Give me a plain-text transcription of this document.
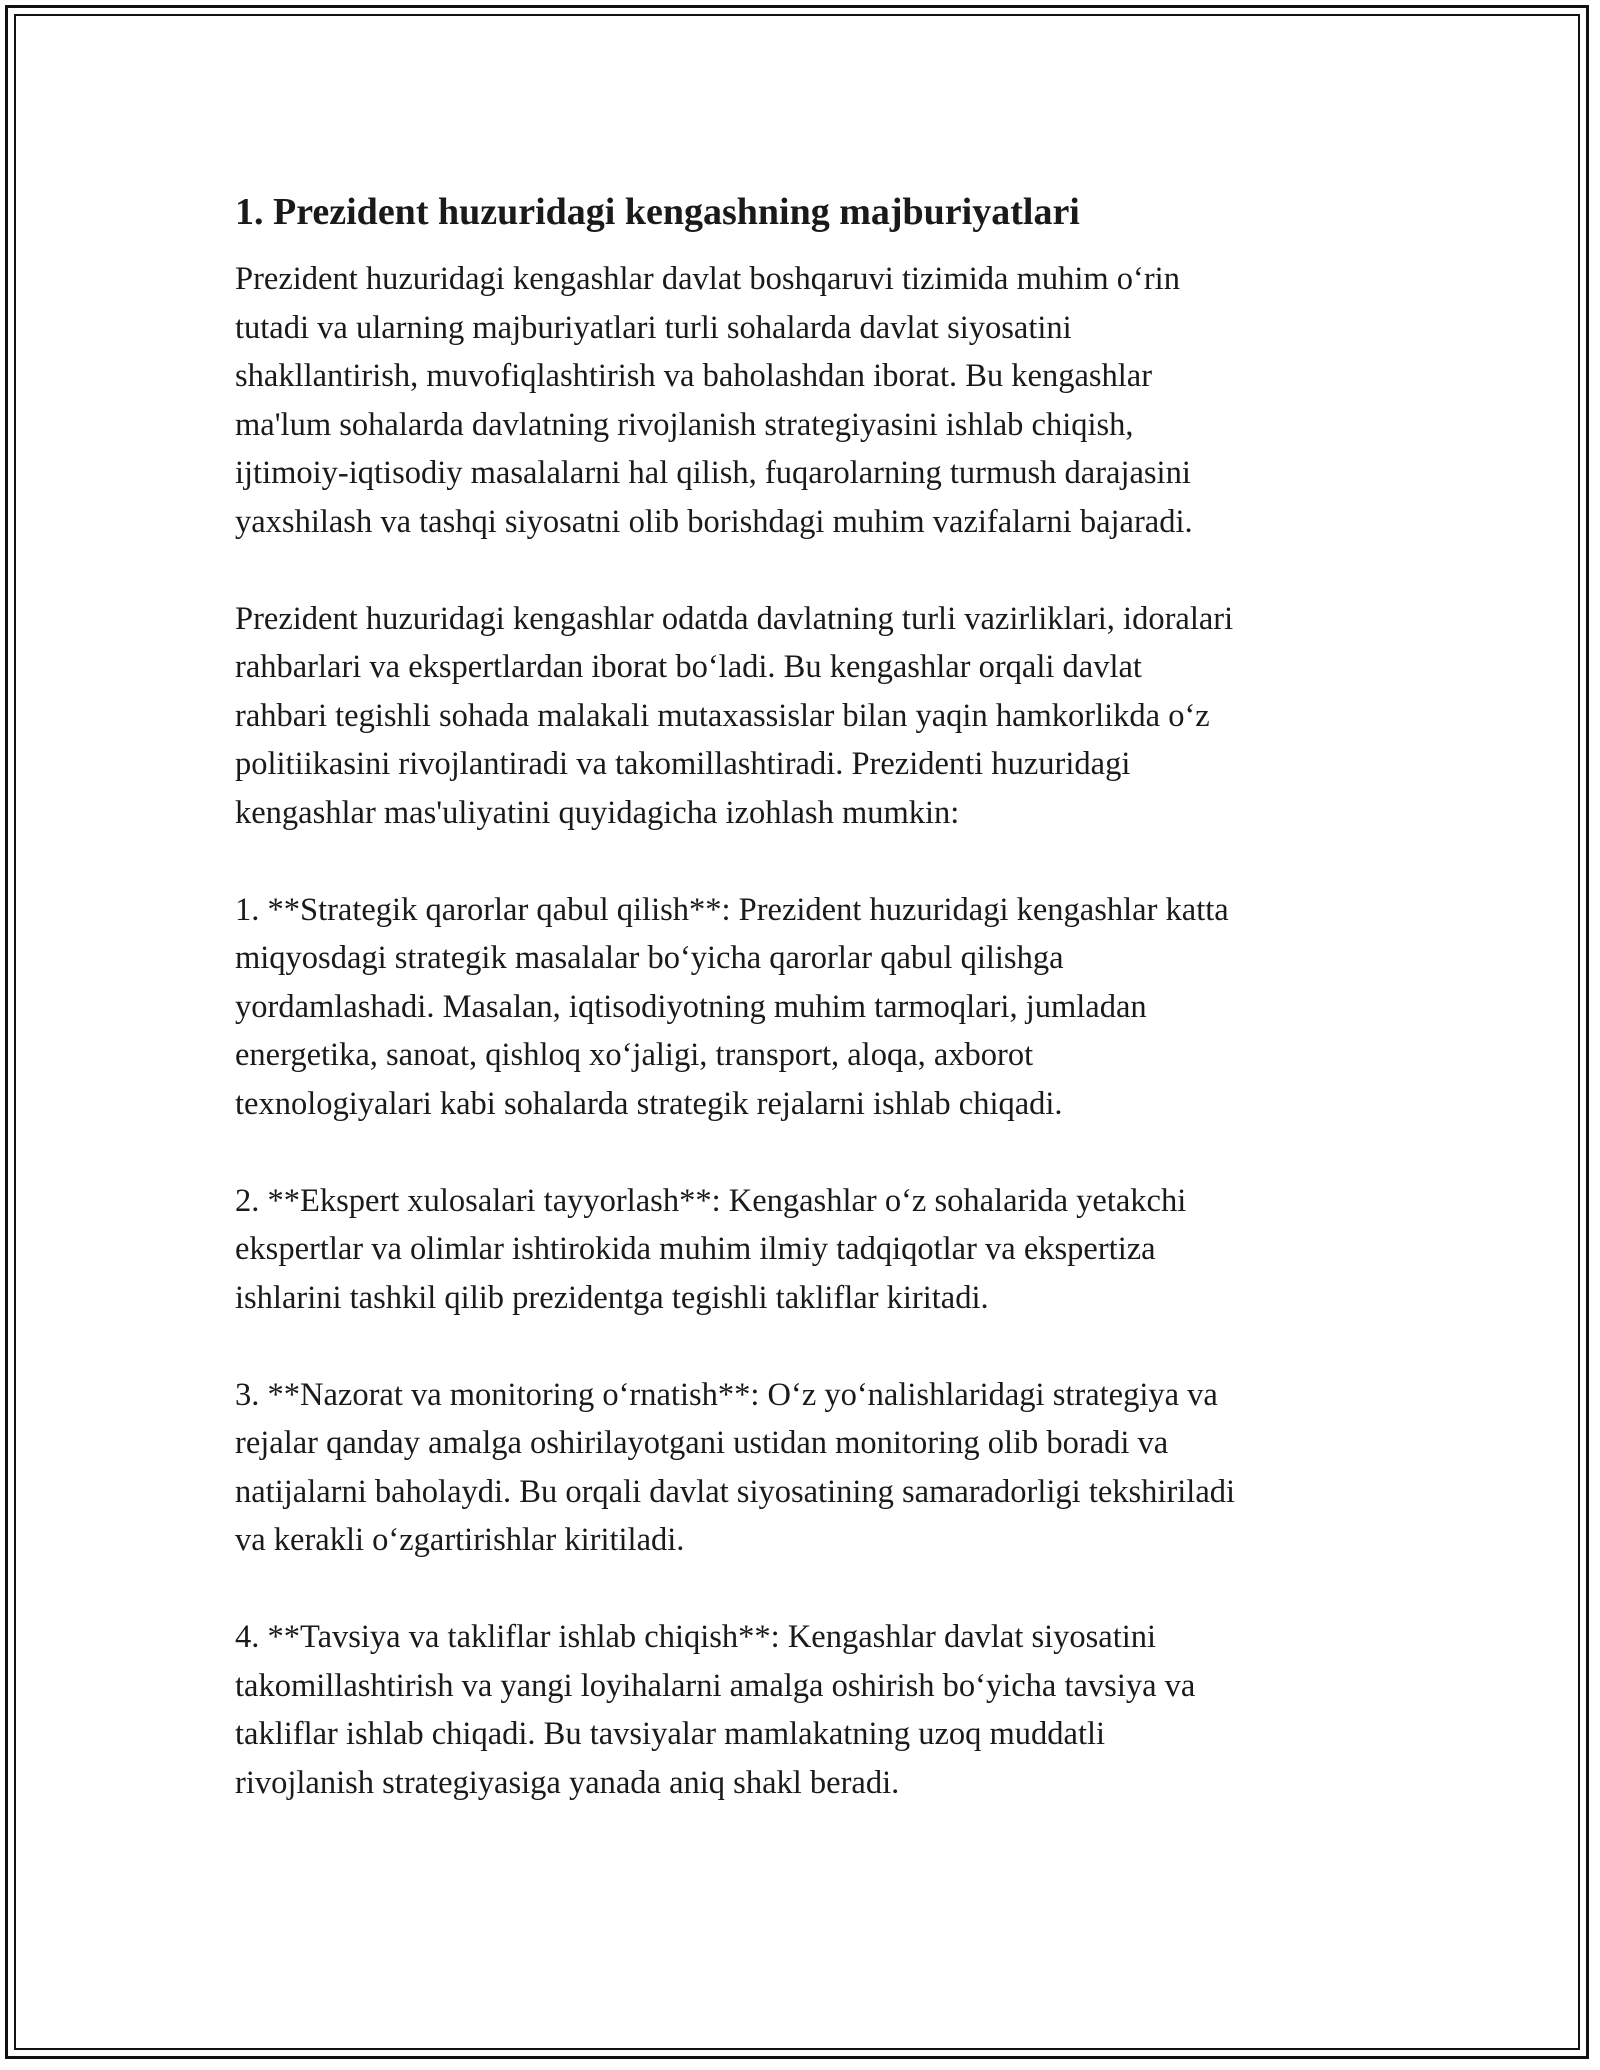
1. Prezident huzuridagi kengashning majburiyatlari

Prezident huzuridagi kengashlar davlat boshqaruvi tizimida muhim oʻrin
tutadi va ularning majburiyatlari turli sohalarda davlat siyosatini
shakllantirish, muvofiqlashtirish va baholashdan iborat. Bu kengashlar
ma'lum sohalarda davlatning rivojlanish strategiyasini ishlab chiqish,
ijtimoiy-iqtisodiy masalalarni hal qilish, fuqarolarning turmush darajasini
yaxshilash va tashqi siyosatni olib borishdagi muhim vazifalarni bajaradi.

Prezident huzuridagi kengashlar odatda davlatning turli vazirliklari, idoralari
rahbarlari va ekspertlardan iborat boʻladi. Bu kengashlar orqali davlat
rahbari tegishli sohada malakali mutaxassislar bilan yaqin hamkorlikda oʻz
politiikasini rivojlantiradi va takomillashtiradi. Prezidenti huzuridagi
kengashlar mas'uliyatini quyidagicha izohlash mumkin:

1. **Strategik qarorlar qabul qilish**: Prezident huzuridagi kengashlar katta
miqyosdagi strategik masalalar boʻyicha qarorlar qabul qilishga
yordamlashadi. Masalan, iqtisodiyotning muhim tarmoqlari, jumladan
energetika, sanoat, qishloq xoʻjaligi, transport, aloqa, axborot
texnologiyalari kabi sohalarda strategik rejalarni ishlab chiqadi.

2. **Ekspert xulosalari tayyorlash**: Kengashlar oʻz sohalarida yetakchi
ekspertlar va olimlar ishtirokida muhim ilmiy tadqiqotlar va ekspertiza
ishlarini tashkil qilib prezidentga tegishli takliflar kiritadi.

3. **Nazorat va monitoring oʻrnatish**: Oʻz yoʻnalishlaridagi strategiya va
rejalar qanday amalga oshirilayotgani ustidan monitoring olib boradi va
natijalarni baholaydi. Bu orqali davlat siyosatining samaradorligi tekshiriladi
va kerakli oʻzgartirishlar kiritiladi.

4. **Tavsiya va takliflar ishlab chiqish**: Kengashlar davlat siyosatini
takomillashtirish va yangi loyihalarni amalga oshirish boʻyicha tavsiya va
takliflar ishlab chiqadi. Bu tavsiyalar mamlakatning uzoq muddatli
rivojlanish strategiyasiga yanada aniq shakl beradi.
